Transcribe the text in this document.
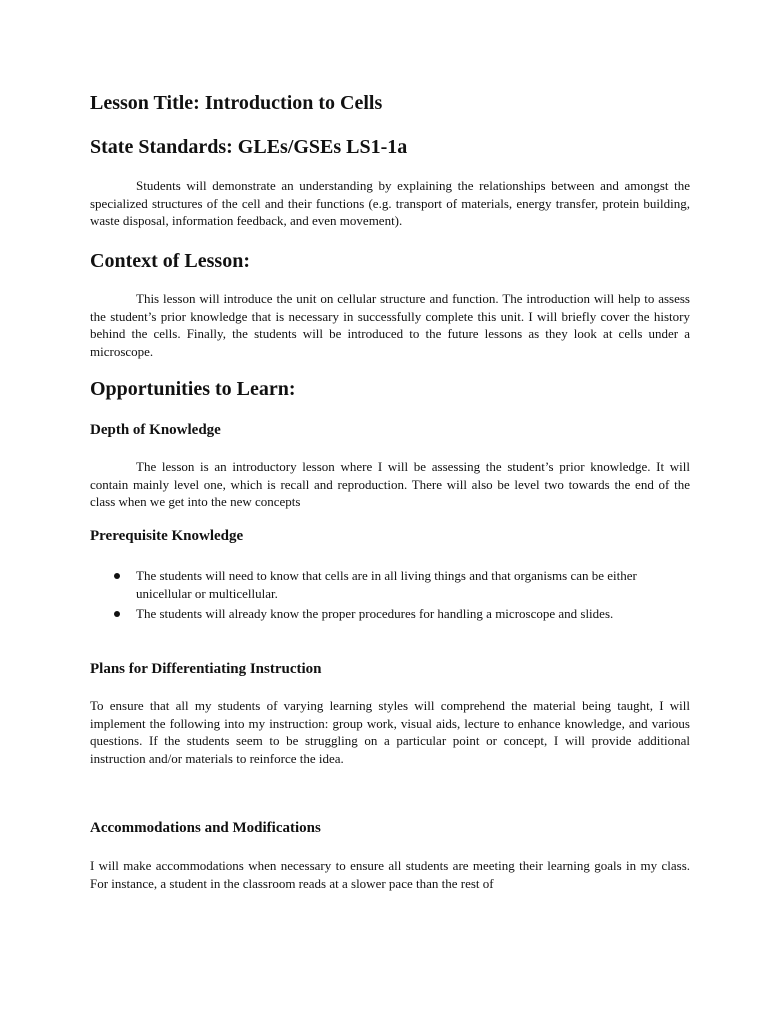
Lesson Title: Introduction to Cells
State Standards: GLEs/GSEs LS1-1a

Students will demonstrate an understanding by explaining the relationships between and amongst the specialized structures of the cell and their functions (e.g. transport of materials, energy transfer, protein building, waste disposal, information feedback, and even movement).

Context of Lesson:

This lesson will introduce the unit on cellular structure and function. The introduction will help to assess the student’s prior knowledge that is necessary in successfully complete this unit. I will briefly cover the history behind the cells. Finally, the students will be introduced to the future lessons as they look at cells under a microscope.

Opportunities to Learn:
Depth of Knowledge

The lesson is an introductory lesson where I will be assessing the student’s prior knowledge. It will contain mainly level one, which is recall and reproduction. There will also be level two towards the end of the class when we get into the new concepts

Prerequisite Knowledge
The students will need to know that cells are in all living things and that organisms can be either unicellular or multicellular.
The students will already know the proper procedures for handling a microscope and slides.
Plans for Differentiating Instruction

To ensure that all my students of varying learning styles will comprehend the material being taught, I will implement the following into my instruction: group work, visual aids, lecture to enhance knowledge, and various questions. If the students seem to be struggling on a particular point or concept, I will provide additional instruction and/or materials to reinforce the idea.

Accommodations and Modifications

I will make accommodations when necessary to ensure all students are meeting their learning goals in my class. For instance, a student in the classroom reads at a slower pace than the rest of
